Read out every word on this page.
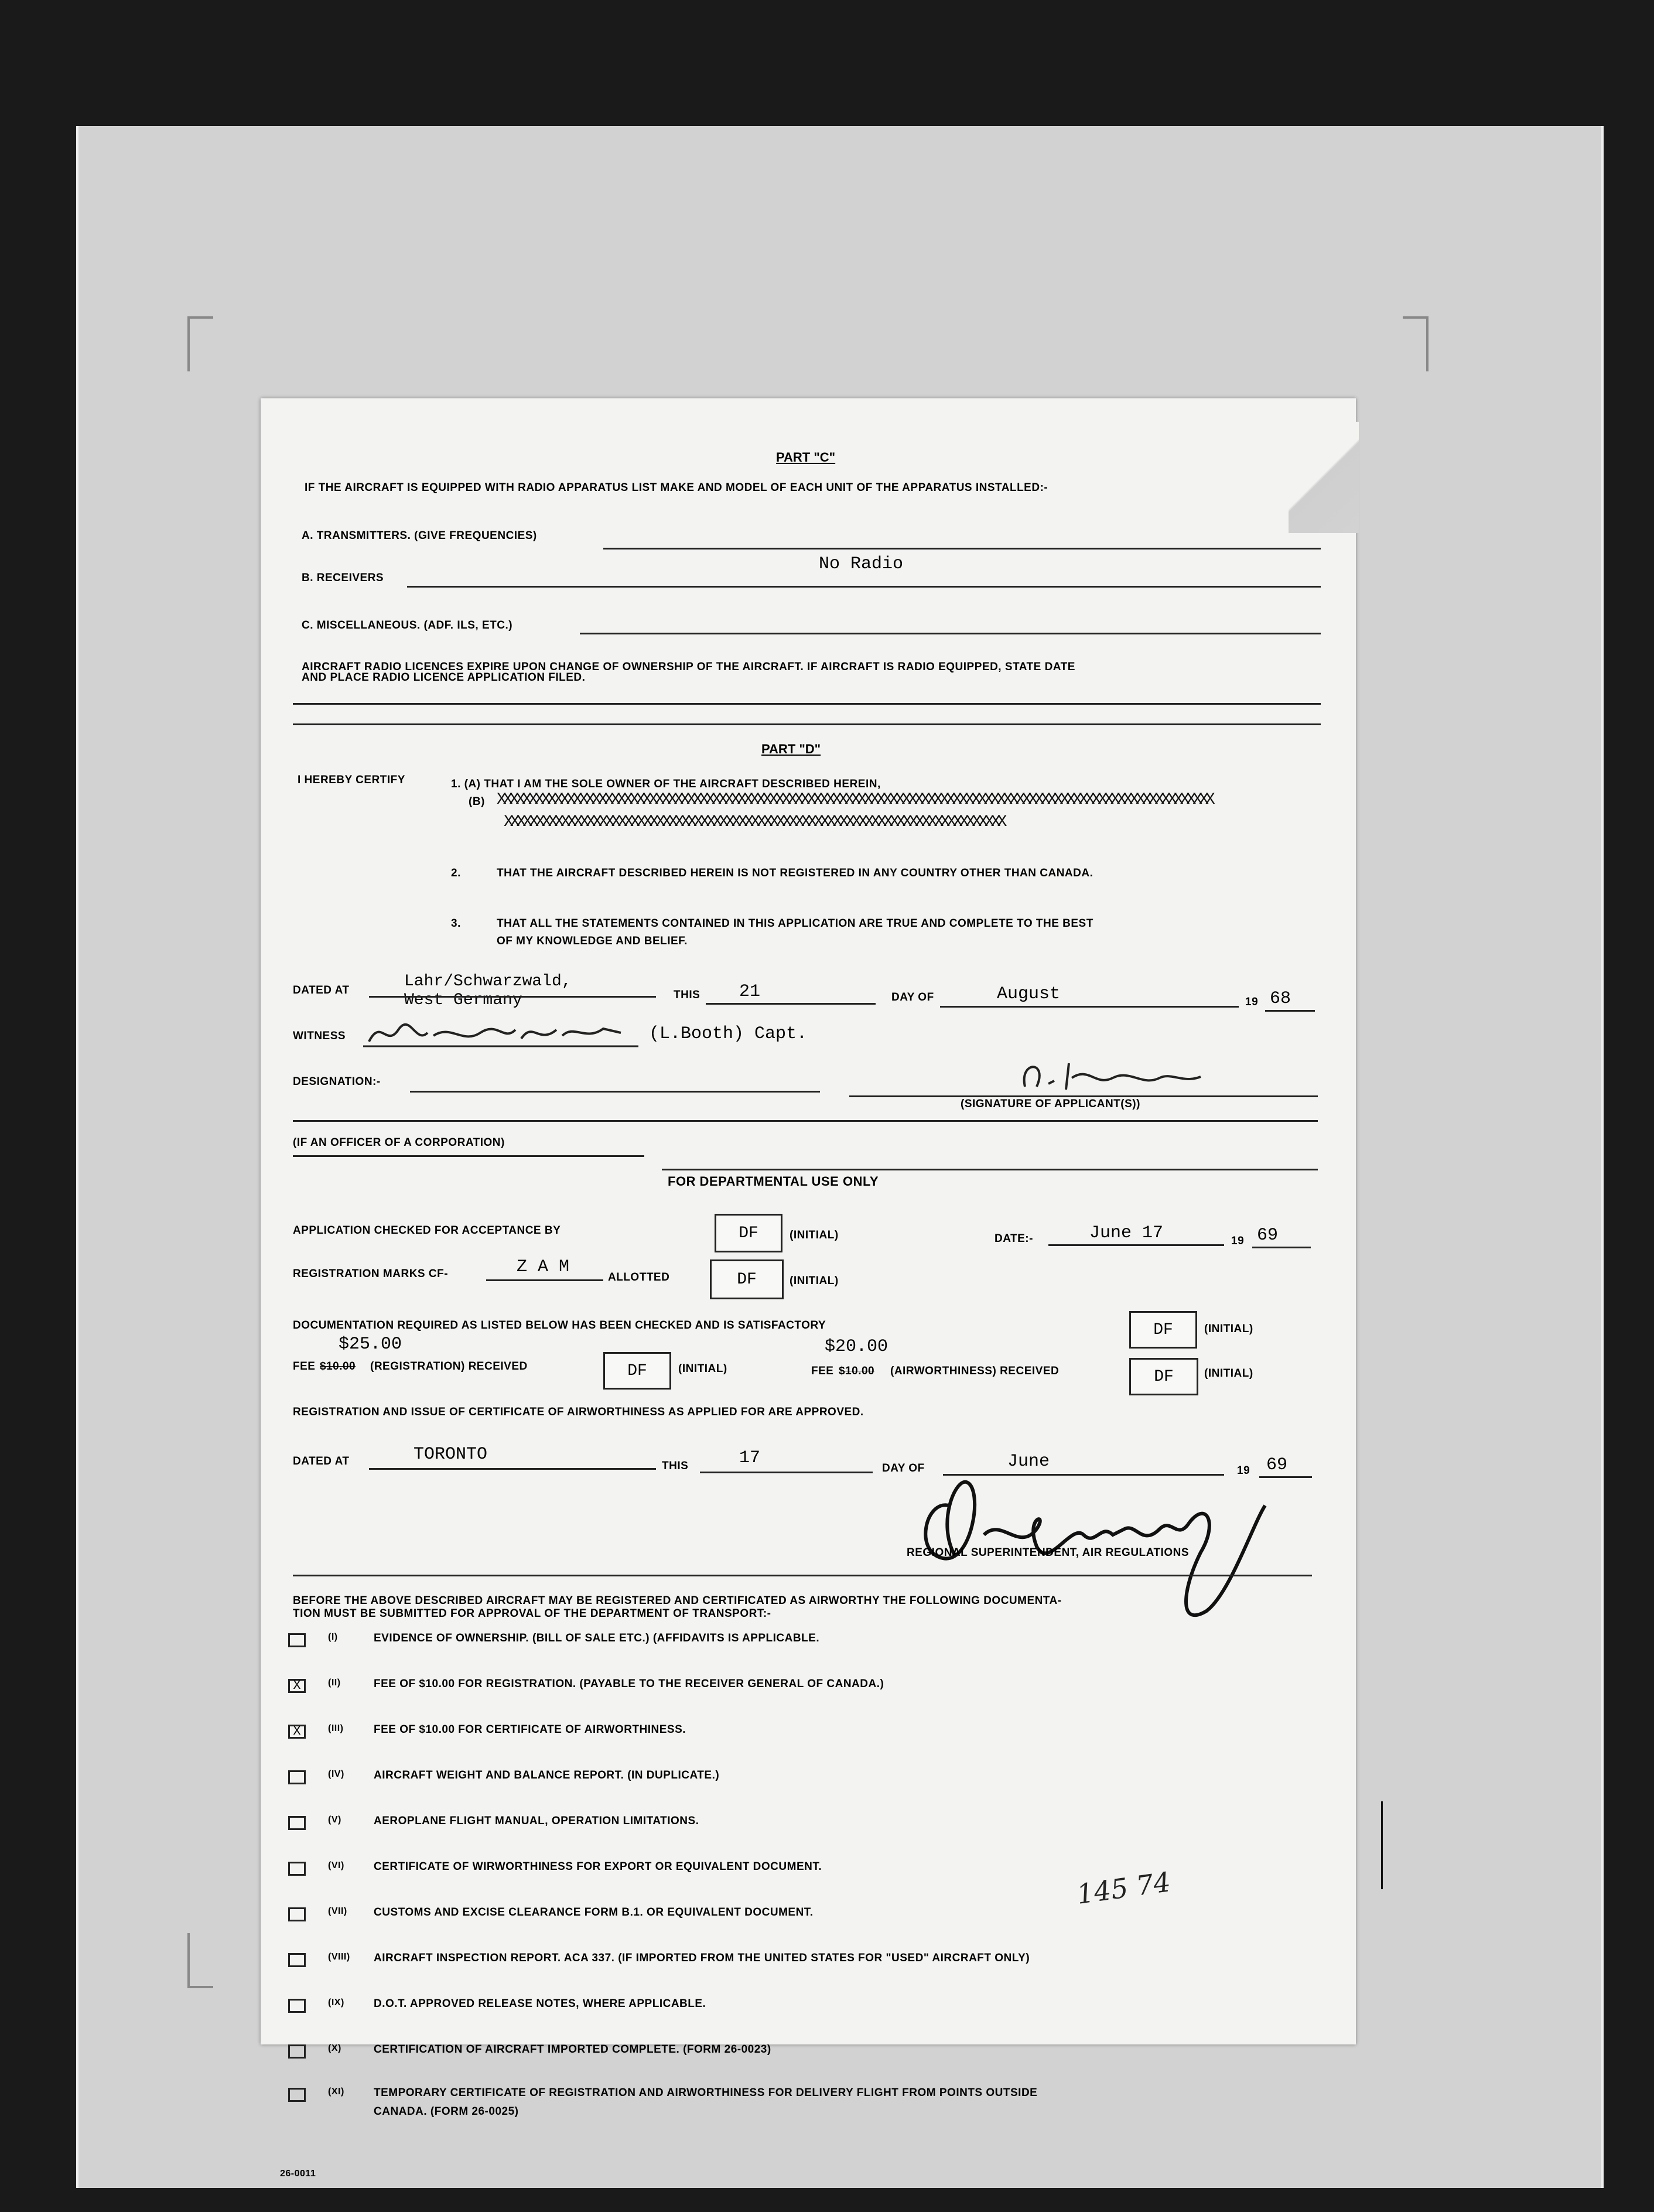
PART "C"
IF THE AIRCRAFT IS EQUIPPED WITH RADIO APPARATUS LIST MAKE AND MODEL OF EACH UNIT OF THE APPARATUS INSTALLED:-
A. TRANSMITTERS. (GIVE FREQUENCIES)
No Radio
B. RECEIVERS
C. MISCELLANEOUS. (ADF. ILS, ETC.)
AIRCRAFT RADIO LICENCES EXPIRE UPON CHANGE OF OWNERSHIP OF THE AIRCRAFT. IF AIRCRAFT IS RADIO EQUIPPED, STATE DATE
AND PLACE RADIO LICENCE APPLICATION FILED.
PART "D"
I HEREBY CERTIFY	1. (A) THAT I AM THE SOLE OWNER OF THE AIRCRAFT DESCRIBED HEREIN,
(B) XXXXXXXXXXXXXXXXXXXXXXXXXXXXXXXXXXXXXXXXXXXXXXXXXXXXXXXXXXXXXXXXXXXXXXXXXXXXXXXXXXXXXXXXXXXXXXXXXXXXXXXXXXXXXXXXX
XXXXXXXXXXXXXXXXXXXXXXXXXXXXXXXXXXXXXXXXXXXXXXXXXXXXXXXXXXXXXXXXXXXXXXXXXXXXXXX
2.	THAT THE AIRCRAFT DESCRIBED HEREIN IS NOT REGISTERED IN ANY COUNTRY OTHER THAN CANADA.
3.	THAT ALL THE STATEMENTS CONTAINED IN THIS APPLICATION ARE TRUE AND COMPLETE TO THE BEST
OF MY KNOWLEDGE AND BELIEF.
DATED AT	Lahr/Schwarzwald,
West Germany	THIS 21	DAY OF	August	19 68
WITNESS	(L.Booth) Capt.
DESIGNATION:-
(SIGNATURE OF APPLICANT(S))
(IF AN OFFICER OF A CORPORATION)
FOR DEPARTMENTAL USE ONLY
APPLICATION CHECKED FOR ACCEPTANCE BY	DF	(INITIAL)	DATE:-	June 17	19 69
REGISTRATION MARKS CF-	Z A M
ALLOTTED	DF	(INITIAL)
DOCUMENTATION REQUIRED AS LISTED BELOW HAS BEEN CHECKED AND IS SATISFACTORY	DF	(INITIAL)
$25.00
FEE $10.00 (REGISTRATION) RECEIVED	DF	(INITIAL)
$20.00
FEE $10.00 (AIRWORTHINESS) RECEIVED	DF	(INITIAL)
REGISTRATION AND ISSUE OF CERTIFICATE OF AIRWORTHINESS AS APPLIED FOR ARE APPROVED.
DATED AT	TORONTO
THIS	17
DAY OF	June	19 69
REGIONAL SUPERINTENDENT, AIR REGULATIONS
BEFORE THE ABOVE DESCRIBED AIRCRAFT MAY BE REGISTERED AND CERTIFICATED AS AIRWORTHY THE FOLLOWING DOCUMENTA-
TION MUST BE SUBMITTED FOR APPROVAL OF THE DEPARTMENT OF TRANSPORT:-
(I)	EVIDENCE OF OWNERSHIP. (BILL OF SALE ETC.) (AFFIDAVITS IS APPLICABLE.
X	(II)	FEE OF $10.00 FOR REGISTRATION. (PAYABLE TO THE RECEIVER GENERAL OF CANADA.)
X	(III)	FEE OF $10.00 FOR CERTIFICATE OF AIRWORTHINESS.
(IV)	AIRCRAFT WEIGHT AND BALANCE REPORT. (IN DUPLICATE.)
(V)	AEROPLANE FLIGHT MANUAL, OPERATION LIMITATIONS.
(VI)	CERTIFICATE OF WIRWORTHINESS FOR EXPORT OR EQUIVALENT DOCUMENT.
(VII) CUSTOMS AND EXCISE CLEARANCE FORM B.1. OR EQUIVALENT DOCUMENT.
(VIII) AIRCRAFT INSPECTION REPORT. ACA 337. (IF IMPORTED FROM THE UNITED STATES FOR "USED" AIRCRAFT ONLY)
(IX)	D.O.T. APPROVED RELEASE NOTES, WHERE APPLICABLE.
(X)	CERTIFICATION OF AIRCRAFT IMPORTED COMPLETE. (FORM 26-0023)
(XI)	TEMPORARY CERTIFICATE OF REGISTRATION AND AIRWORTHINESS FOR DELIVERY FLIGHT FROM POINTS OUTSIDE
CANADA. (FORM 26-0025)
145 74
26-0011
